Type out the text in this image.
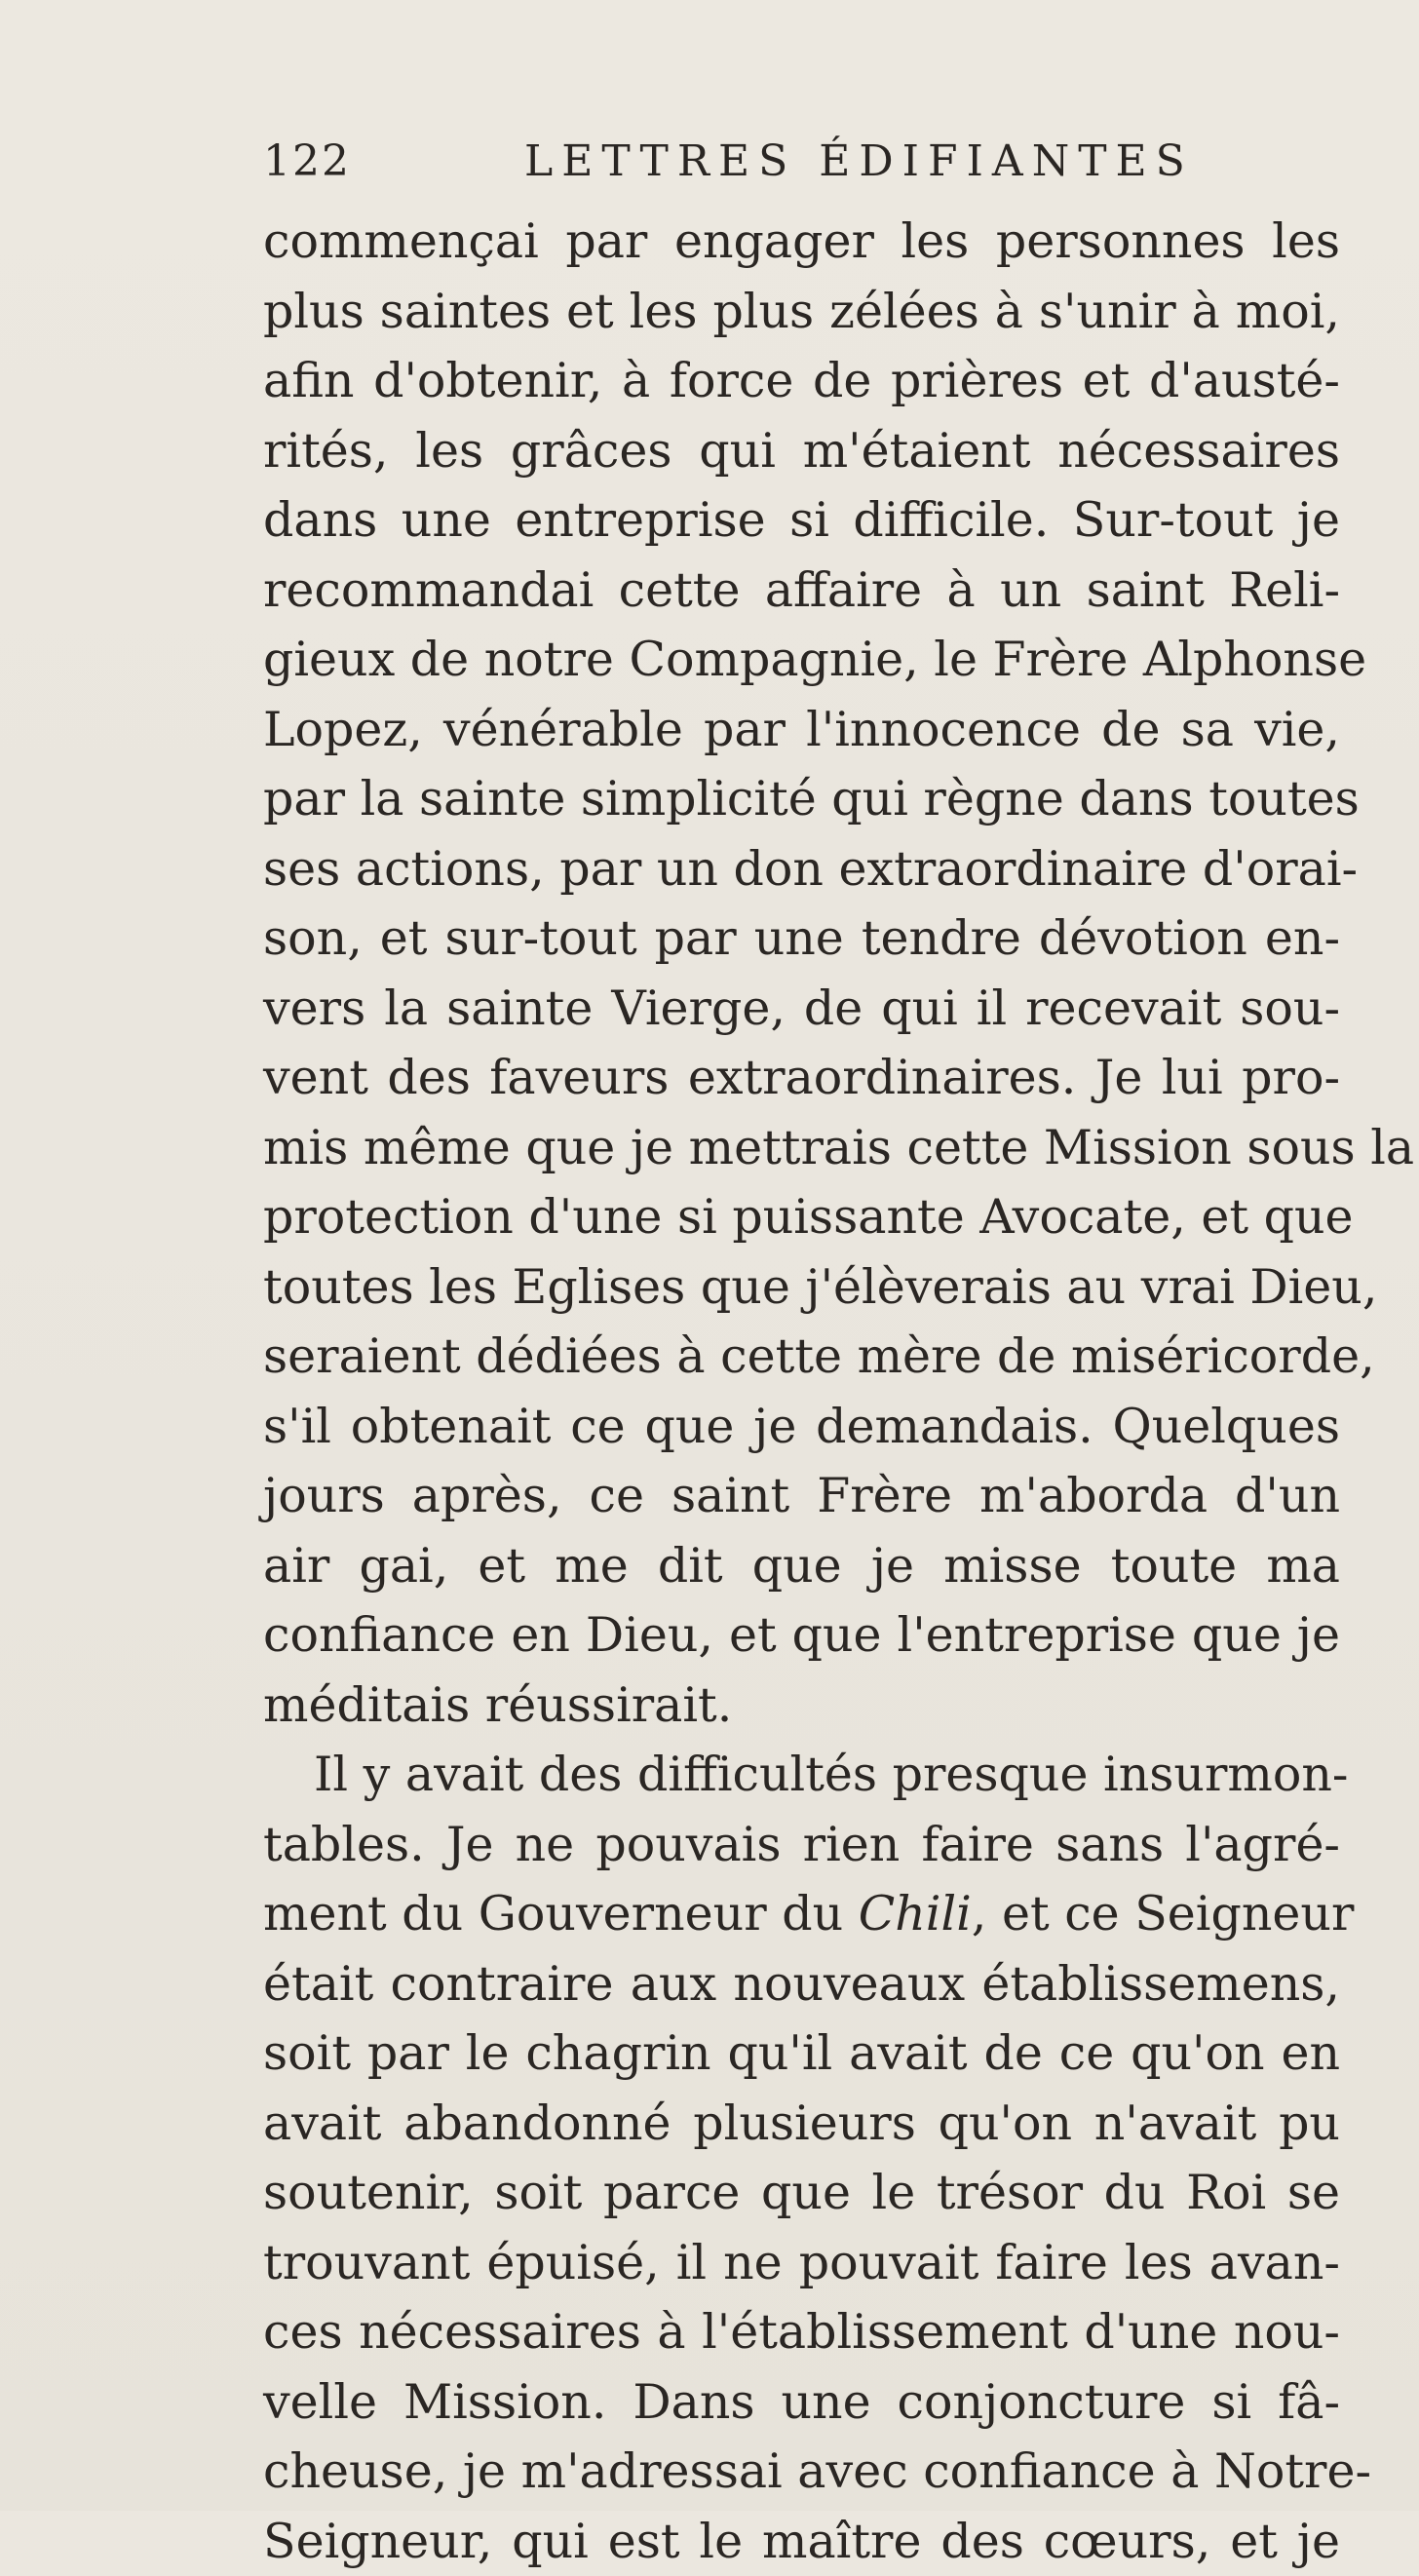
122	LETTRES ÉDIFIANTES
commençai par engager les personnes les
plus saintes et les plus zélées à s'unir à moi,
afin d'obtenir, à force de prières et d'austé-
rités, les grâces qui m'étaient nécessaires
dans une entreprise si difficile. Sur-tout je
recommandai cette affaire à un saint Reli-
gieux de notre Compagnie, le Frère Alphonse
Lopez, vénérable par l'innocence de sa vie,
par la sainte simplicité qui règne dans toutes
ses actions, par un don extraordinaire d'orai-
son, et sur-tout par une tendre dévotion en-
vers la sainte Vierge, de qui il recevait sou-
vent des faveurs extraordinaires. Je lui pro-
mis même que je mettrais cette Mission sous la
protection d'une si puissante Avocate, et que
toutes les Eglises que j'élèverais au vrai Dieu,
seraient dédiées à cette mère de miséricorde,
s'il obtenait ce que je demandais. Quelques
jours après, ce saint Frère m'aborda d'un
air gai, et me dit que je misse toute ma
confiance en Dieu, et que l'entreprise que je
méditais réussirait.
Il y avait des difficultés presque insurmon-
tables. Je ne pouvais rien faire sans l'agré-
ment du Gouverneur du Chili, et ce Seigneur
était contraire aux nouveaux établissemens,
soit par le chagrin qu'il avait de ce qu'on en
avait abandonné plusieurs qu'on n'avait pu
soutenir, soit parce que le trésor du Roi se
trouvant épuisé, il ne pouvait faire les avan-
ces nécessaires à l'établissement d'une nou-
velle Mission. Dans une conjoncture si fâ-
cheuse, je m'adressai avec confiance à Notre-
Seigneur, qui est le maître des cœurs, et je
